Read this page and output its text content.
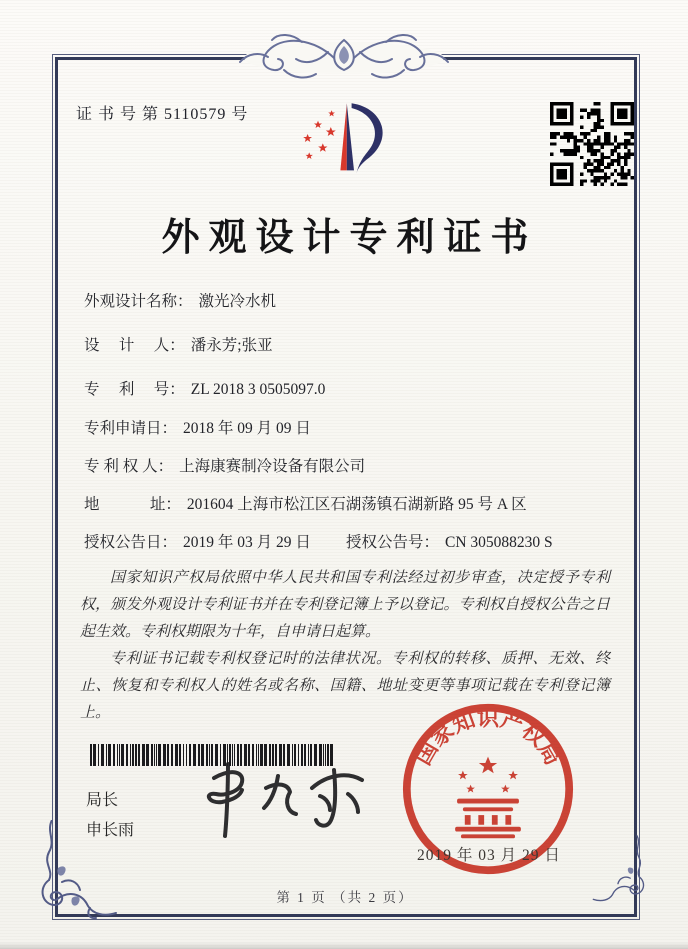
证 书 号 第 5110579 号
外观设计专利证书
外观设计名称： 激光冷水机
设　 计　 人： 潘永芳;张亚
专　 利　 号： ZL 2018 3 0505097.0
专利申请日： 2018 年 09 月 09 日
专 利 权 人： 上海康赛制冷设备有限公司
地　　　 址： 201604 上海市松江区石湖荡镇石湖新路 95 号 A 区
授权公告日： 2019 年 03 月 29 日 授权公告号： CN 305088230 S

国家知识产权局依照中华人民共和国专利法经过初步审查，决定授予专利权，颁发外观设计专利证书并在专利登记簿上予以登记。专利权自授权公告之日起生效。专利权期限为十年，自申请日起算。

专利证书记载专利权登记时的法律状况。专利权的转移、质押、无效、终止、恢复和专利权人的姓名或名称、国籍、地址变更等事项记载在专利登记簿上。

局长
申长雨
国家知识产权局
2019 年 03 月 29 日
第 1 页 （共 2 页）
